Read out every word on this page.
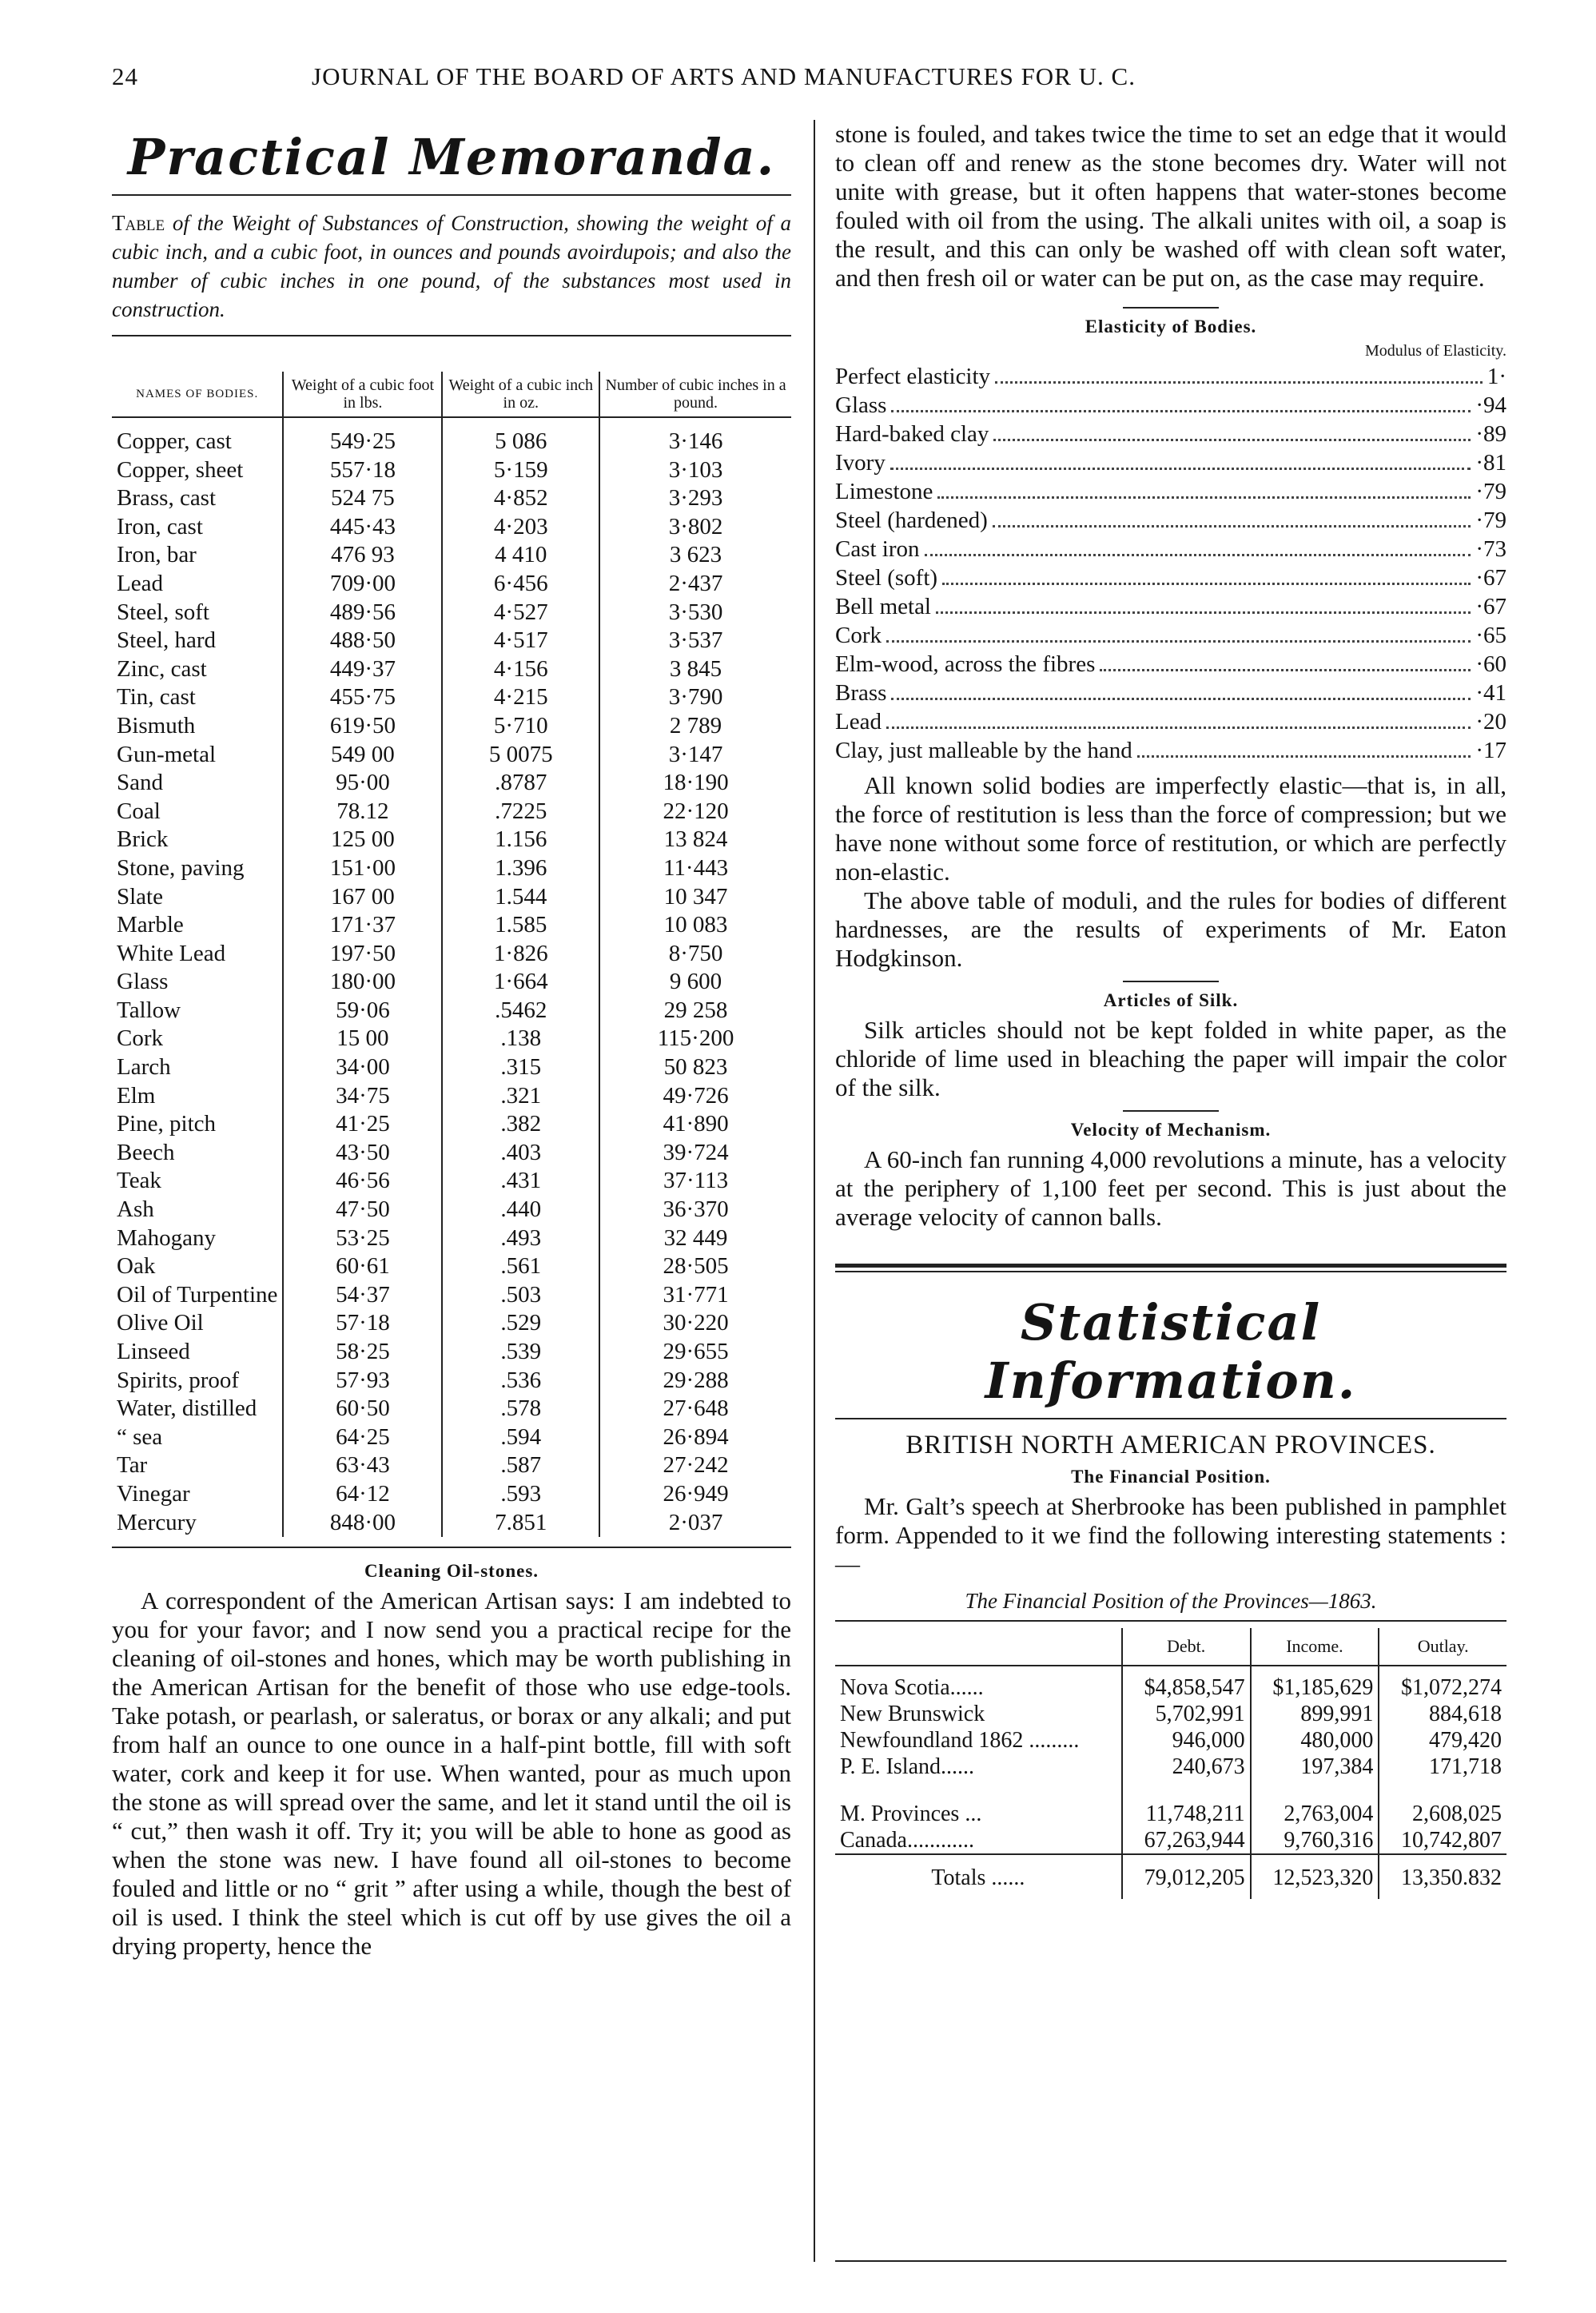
24	JOURNAL OF THE BOARD OF ARTS AND MANUFACTURES FOR U. C.
Practical Memoranda.

Table of the Weight of Substances of Construction, showing the weight of a cubic inch, and a cubic foot, in ounces and pounds avoirdupois; and also the number of cubic inches in one pound, of the substances most used in construction.

NAMES OF BODIES.	Weight of a cubic foot in lbs.	Weight of a cubic inch in oz.	Number of cubic inches in a pound.
Copper, cast	549·25	5 086	3·146
Copper, sheet	557·18	5·159	3·103
Brass, cast	524 75	4·852	3·293
Iron, cast	445·43	4·203	3·802
Iron, bar	476 93	4 410	3 623
Lead	709·00	6·456	2·437
Steel, soft	489·56	4·527	3·530
Steel, hard	488·50	4·517	3·537
Zinc, cast	449·37	4·156	3 845
Tin, cast	455·75	4·215	3·790
Bismuth	619·50	5·710	2 789
Gun-metal	549 00	5 0075	3·147
Sand	95·00	.8787	18·190
Coal	78.12	.7225	22·120
Brick	125 00	1.156	13 824
Stone, paving	151·00	1.396	11·443
Slate	167 00	1.544	10 347
Marble	171·37	1.585	10 083
White Lead	197·50	1·826	8·750
Glass	180·00	1·664	9 600
Tallow	59·06	.5462	29 258
Cork	15 00	.138	115·200
Larch	34·00	.315	50 823
Elm	34·75	.321	49·726
Pine, pitch	41·25	.382	41·890
Beech	43·50	.403	39·724
Teak	46·56	.431	37·113
Ash	47·50	.440	36·370
Mahogany	53·25	.493	32 449
Oak	60·61	.561	28·505
Oil of Turpentine	54·37	.503	31·771
Olive Oil	57·18	.529	30·220
Linseed	58·25	.539	29·655
Spirits, proof	57·93	.536	29·288
Water, distilled	60·50	.578	27·648
“ sea	64·25	.594	26·894
Tar	63·43	.587	27·242
Vinegar	64·12	.593	26·949
Mercury	848·00	7.851	2·037
Cleaning Oil-stones.

A correspondent of the American Artisan says: I am indebted to you for your favor; and I now send you a practical recipe for the cleaning of oil-stones and hones, which may be worth publishing in the American Artisan for the benefit of those who use edge-tools. Take potash, or pearlash, or saleratus, or borax or any alkali; and put from half an ounce to one ounce in a half-pint bottle, fill with soft water, cork and keep it for use. When wanted, pour as much upon the stone as will spread over the same, and let it stand until the oil is “ cut,” then wash it off. Try it; you will be able to hone as good as when the stone was new. I have found all oil-stones to become fouled and little or no “ grit ” after using a while, though the best of oil is used. I think the steel which is cut off by use gives the oil a drying property, hence the

stone is fouled, and takes twice the time to set an edge that it would to clean off and renew as the stone becomes dry. Water will not unite with grease, but it often happens that water-stones become fouled with oil from the using. The alkali unites with oil, a soap is the result, and this can only be washed off with clean soft water, and then fresh oil or water can be put on, as the case may require.

Elasticity of Bodies.
Modulus of Elasticity.
Perfect elasticity	1·
Glass	·94
Hard-baked clay	·89
Ivory	·81
Limestone	·79
Steel (hardened)	·79
Cast iron	·73
Steel (soft)	·67
Bell metal	·67
Cork	·65
Elm-wood, across the fibres	·60
Brass	·41
Lead	·20
Clay, just malleable by the hand	·17

All known solid bodies are imperfectly elastic—that is, in all, the force of restitution is less than the force of compression; but we have none without some force of restitution, or which are perfectly non-elastic.

The above table of moduli, and the rules for bodies of different hardnesses, are the results of experiments of Mr. Eaton Hodgkinson.

Articles of Silk.

Silk articles should not be kept folded in white paper, as the chloride of lime used in bleaching the paper will impair the color of the silk.

Velocity of Mechanism.

A 60-inch fan running 4,000 revolutions a minute, has a velocity at the periphery of 1,100 feet per second. This is just about the average velocity of cannon balls.

Statistical Information.
BRITISH NORTH AMERICAN PROVINCES.
The Financial Position.

Mr. Galt’s speech at Sherbrooke has been published in pamphlet form. Appended to it we find the following interesting statements :—

The Financial Position of the Provinces—1863.
	Debt.	Income.	Outlay.
Nova Scotia......	$4,858,547	$1,185,629	$1,072,274
New Brunswick	5,702,991	899,991	884,618
Newfoundland 1862 .........	946,000	480,000	479,420
P. E. Island......	240,673	197,384	171,718

M. Provinces ...	11,748,211	2,763,004	2,608,025
Canada............	67,263,944	9,760,316	10,742,807
Totals ......	79,012,205	12,523,320	13,350.832
